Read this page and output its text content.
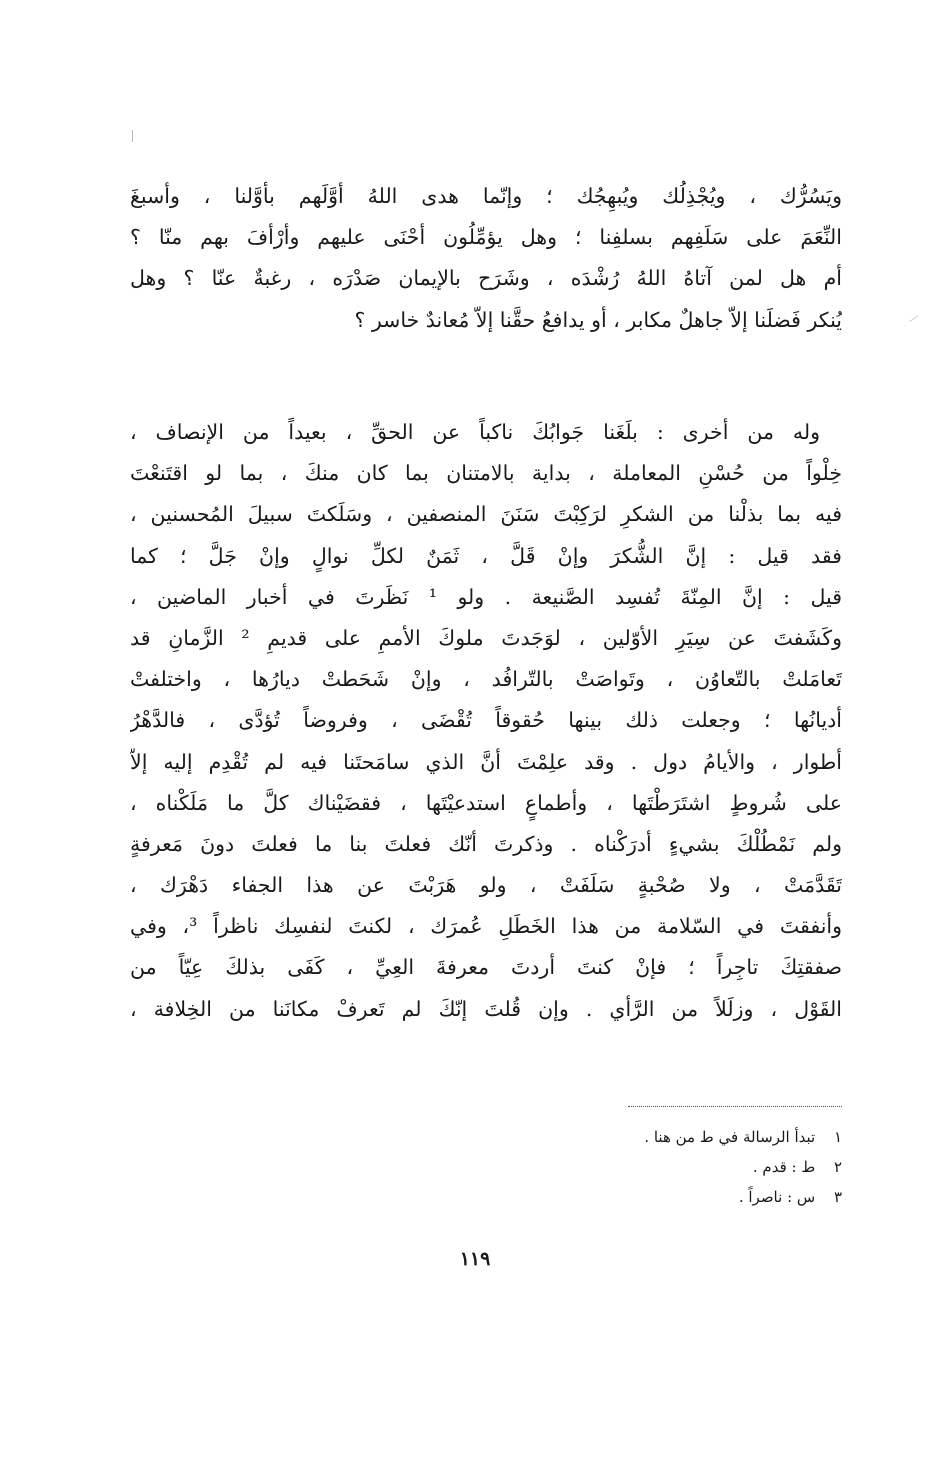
ويَسُرُّك ، ويُجْذِلُك ويُبهِجُك ؛ وإنّما هدى اللهُ أوَّلَهم بأوَّلنا ، وأسبغَ
النِّعَمَ على سَلَفِهم بسلفِنا ؛ وهل يؤمِّلُون أحْنَى عليهم وأرْأفَ بهم منّا ؟
أم هل لمن آتاهُ اللهُ رُشْدَه ، وشَرَح بالإيمان صَدْرَه ، رغبةٌ عنّا ؟ وهل
يُنكر فَضلَنا إلاّ جاهلٌ مكابر ، أو يدافعُ حقَّنا إلاّ مُعاندٌ خاسر ؟
وله من أخرى : بلَغَنا جَوابُكَ ناكباً عن الحقِّ ، بعيداً من الإنصاف ،
خِلْواً من حُسْنِ المعاملة ، بداية بالامتنان بما كان منكَ ، بما لو اقتَنعْتَ
فيه بما بذلْنا من الشكرِ لرَكِبْتَ سَنَنَ المنصفين ، وسَلَكتَ سبيلَ المُحسنين ،
فقد قيل : إنَّ الشُّكرَ وإنْ قَلَّ ، ثَمَنٌ لكلِّ نوالٍ وإنْ جَلَّ ؛ كما
قيل : إنَّ المِنّةَ تُفسِد الصَّنيعة . ولو ¹ نَظَرتَ في أخبار الماضين ،
وكَشَفتَ عن سِيَرِ الأوّلين ، لوَجَدتَ ملوكَ الأممِ على قديمِ ² الزَّمانِ قد
تَعامَلتْ بالتّعاوُن ، وتَواصَتْ بالتّرافُد ، وإنْ شَحَطتْ ديارُها ، واختلفتْ
أديانُها ؛ وجعلت ذلك بينها حُقوقاً تُقْضَى ، وفروضاً تُؤدَّى ، فالدَّهْرُ
أطوار ، والأيامُ دول . وقد علِمْتَ أنَّ الذي سامَحتَنا فيه لم تُقْدِم إليه إلاّ
على شُروطٍ اشتَرَطْتَها ، وأطماعٍ استدعيْتَها ، فقضَيْناك كلَّ ما مَلَكْناه ،
ولم نَمْطُلْكَ بشيءٍ أدرَكْناه . وذكرتَ أنّك فعلتَ بنا ما فعلتَ دونَ مَعرفةٍ
تَقَدَّمَتْ ، ولا صُحْبةٍ سَلَفَتْ ، ولو هَرَبْتَ عن هذا الجفاء دَهْرَك ،
وأنفقتَ في السّلامة من هذا الخَطَلِ عُمرَك ، لكنتَ لنفسِك ناظراً ³، وفي
صفقتِكَ تاجِراً ؛ فإنْ كنتَ أردتَ معرفةَ العِيِّ ، كَفَى بذلكَ عِيّاً من
القَوْل ، وزلَلاً من الرَّأي . وإن قُلتَ إنّكَ لم تَعرفْ مكانَنا من الخِلافة ،
١ تبدأ الرسالة في ط من هنا .
٢ ط : قدم .
٣ س : ناصراً .
١١٩
